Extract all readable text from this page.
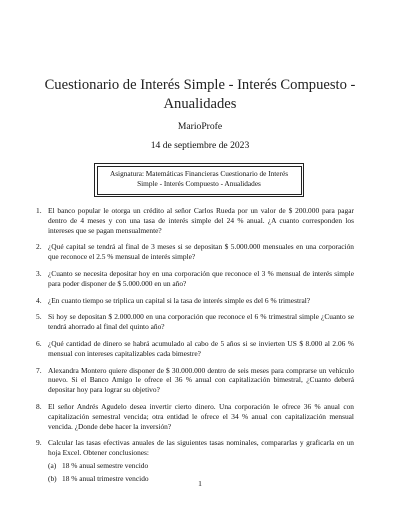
Cuestionario de Interés Simple - Interés Compuesto - Anualidades
MarioProfe
14 de septiembre de 2023
Asignatura: Matemáticas Financieras Cuestionario de Interés Simple - Interés Compuesto - Anualidades
1. El banco popular le otorga un crédito al señor Carlos Rueda por un valor de $ 200.000 para pagar dentro de 4 meses y con una tasa de interés simple del 24 % anual. ¿A cuanto corresponden los intereses que se pagan mensualmente?
2. ¿Qué capital se tendrá al final de 3 meses si se depositan $ 5.000.000 mensuales en una corporación que reconoce el 2.5 % mensual de interés simple?
3. ¿Cuanto se necesita depositar hoy en una corporación que reconoce el 3 % mensual de interés simple para poder disponer de $ 5.000.000 en un año?
4. ¿En cuanto tiempo se triplica un capital si la tasa de interés simple es del 6 % trimestral?
5. Si hoy se depositan $ 2.000.000 en una corporación que reconoce el 6 % trimestral simple ¿Cuanto se tendrá ahorrado al final del quinto año?
6. ¿Qué cantidad de dinero se habrá acumulado al cabo de 5 años si se invierten US $ 8.000 al 2.06 % mensual con intereses capitalizables cada bimestre?
7. Alexandra Montero quiere disponer de $ 30.000.000 dentro de seis meses para comprarse un vehículo nuevo. Si el Banco Amigo le ofrece el 36 % anual con capitalización bimestral, ¿Cuanto deberá depositar hoy para lograr su objetivo?
8. El señor Andrés Agudelo desea invertir cierto dinero. Una corporación le ofrece 36 % anual con capitalización semestral vencida; otra entidad le ofrece el 34 % anual con capitalización mensual vencida. ¿Donde debe hacer la inversión?
9. Calcular las tasas efectivas anuales de las siguientes tasas nominales, compararlas y graficarla en un hoja Excel. Obtener conclusiones:
(a) 18 % anual semestre vencido
(b) 18 % anual trimestre vencido
1
